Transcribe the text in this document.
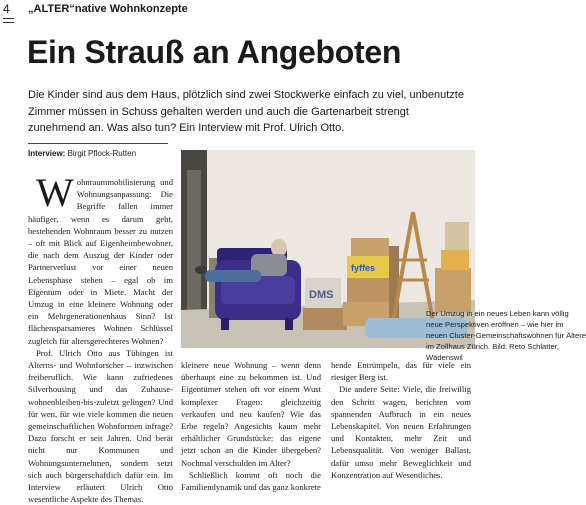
4 „ALTER“native Wohnkonzepte
Ein Strauß an Angeboten
Die Kinder sind aus dem Haus, plötzlich sind zwei Stockwerke einfach zu viel, unbenutzte Zimmer müssen in Schuss gehalten werden und auch die Gartenarbeit strengt zunehmend an. Was also tun? Ein Interview mit Prof. Ulrich Otto.
Interview: Birgit Pflock-Rutten

Wohnraummobilisierung und Wohnungsanpassung: Die Begriffe fallen immer häufiger, wenn es darum geht, bestehenden Wohnraum besser zu nutzen – oft mit Blick auf Eigenheimbewohner, die nach dem Auszug der Kinder oder Partnerverlust vor einer neuen Lebensphase stehen – egal ob im Eigentum oder in Miete. Macht der Umzug in eine kleinere Wohnung oder ein Mehrgenerationenhaus Sinn? Ist flächensparsameres Wohnen Schlüssel zugleich für altersgerechteres Wohnen?

Prof. Ulrich Otto aus Tübingen ist Alterns- und Wohnforscher – inzwischen freiberuflich. Wie kann zufriedenes Silverhousing und das Zuhause-wohnenbleiben-bis-zuletzt gelingen? Und für wen, für wie viele kommen die neuen gemeinschaftlichen Wohnformen infrage? Dazu forscht er seit Jahren. Und berät nicht nur Kommunen und Wohnungsunternehmen, sondern setzt sich auch bürgerschaftlich dafür ein. Im Interview erläutert Ulrich Otto wesentliche Aspekte des Themas.

kleinere neue Wohnung – wenn denn überhaupt eine zu bekommen ist. Und Eigentümer stehen oft vor einem Wust komplexer Fragen: gleichzeitig verkaufen und neu kaufen? Wie das Erbe regeln? Angesichts kaum mehr erhältlicher Grundstücke: das eigene jetzt schon an die Kinder übergeben? Nochmal verschulden im Alter?

Schließlich kommt oft noch die Familiendynamik und das ganz konkrete

hende Entrümpeln, das für viele ein riesiger Berg ist.

Die andere Seite: Viele, die freiwillig den Schritt wagen, berichten vom spannenden Aufbruch in ein neues Lebenskapitel. Von neuen Erfahrungen und Kontakten, mehr Zeit und Lebensqualität. Von weniger Ballast, dafür umso mehr Beweglichkeit und Konzentration auf Wesentliches.

DMS
fyffes
Der Umzug in ein neues Leben kann völlig neue Perspektiven eröffnen – wie hier im neuen Cluster-Gemeinschaftswohnen für Ältere im Zollhaus Zürich. Bild: Reto Schlatter, Wädenswil
